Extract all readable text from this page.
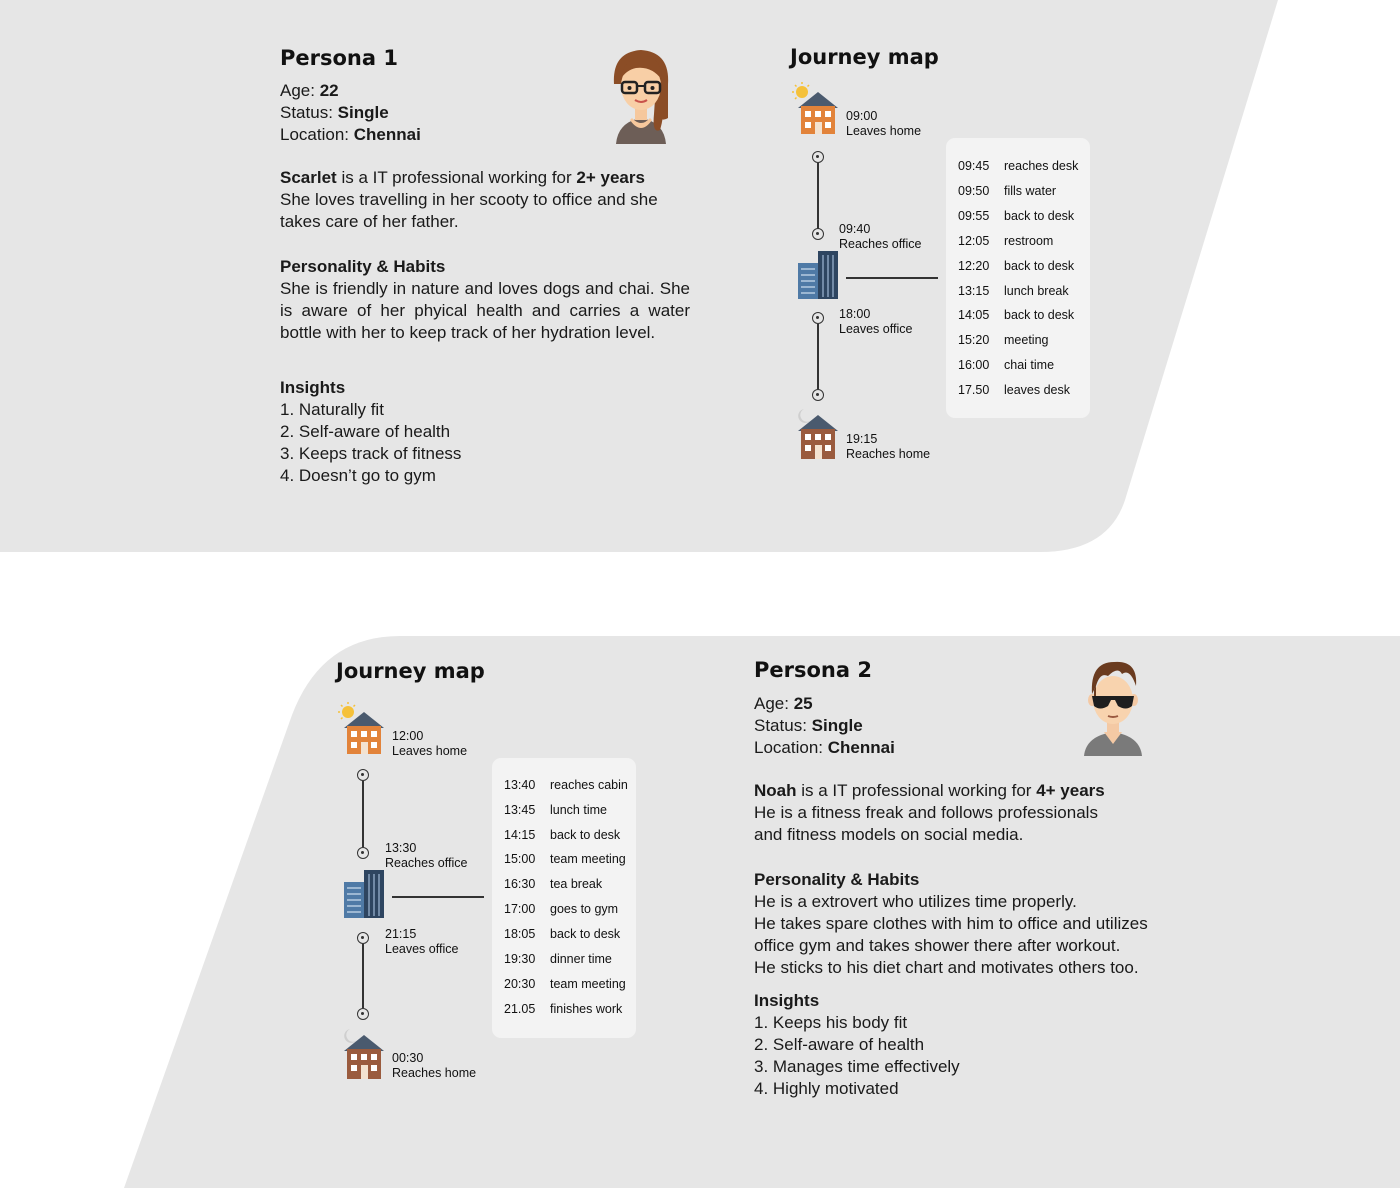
Persona 1

Age: 22

Status: Single

Location: Chennai

Scarlet is a IT professional working for 2+ years

She loves travelling in her scooty to office and she takes care of her father.

Personality & Habits

She is friendly in nature and loves dogs and chai. She is aware of her phyical health and carries a water bottle with her to keep track of her hydration level.

Insights

1. Naturally fit
2. Self-aware of health
3. Keeps track of fitness
4. Doesn’t go to gym
Journey map
09:00
Leaves home
09:40
Reaches office
18:00
Leaves office
19:15
Reaches home
09:45 reaches desk
09:50 fills water
09:55 back to desk
12:05 restroom
12:20 back to desk
13:15 lunch break
14:05 back to desk
15:20 meeting
16:00 chai time
17.50 leaves desk
Journey map
12:00
Leaves home
13:30
Reaches office
21:15
Leaves office
00:30
Reaches home
13:40 reaches cabin
13:45 lunch time
14:15 back to desk
15:00 team meeting
16:30 tea break
17:00 goes to gym
18:05 back to desk
19:30 dinner time
20:30 team meeting
21.05 finishes work
Persona 2

Age: 25

Status: Single

Location: Chennai

Noah is a IT professional working for 4+ years

He is a fitness freak and follows professionals

and fitness models on social media.

Personality & Habits

He is a extrovert who utilizes time properly.

He takes spare clothes with him to office and utilizes

office gym and takes shower there after workout.

He sticks to his diet chart and motivates others too.

Insights

1. Keeps his body fit
2. Self-aware of health
3. Manages time effectively
4. Highly motivated
